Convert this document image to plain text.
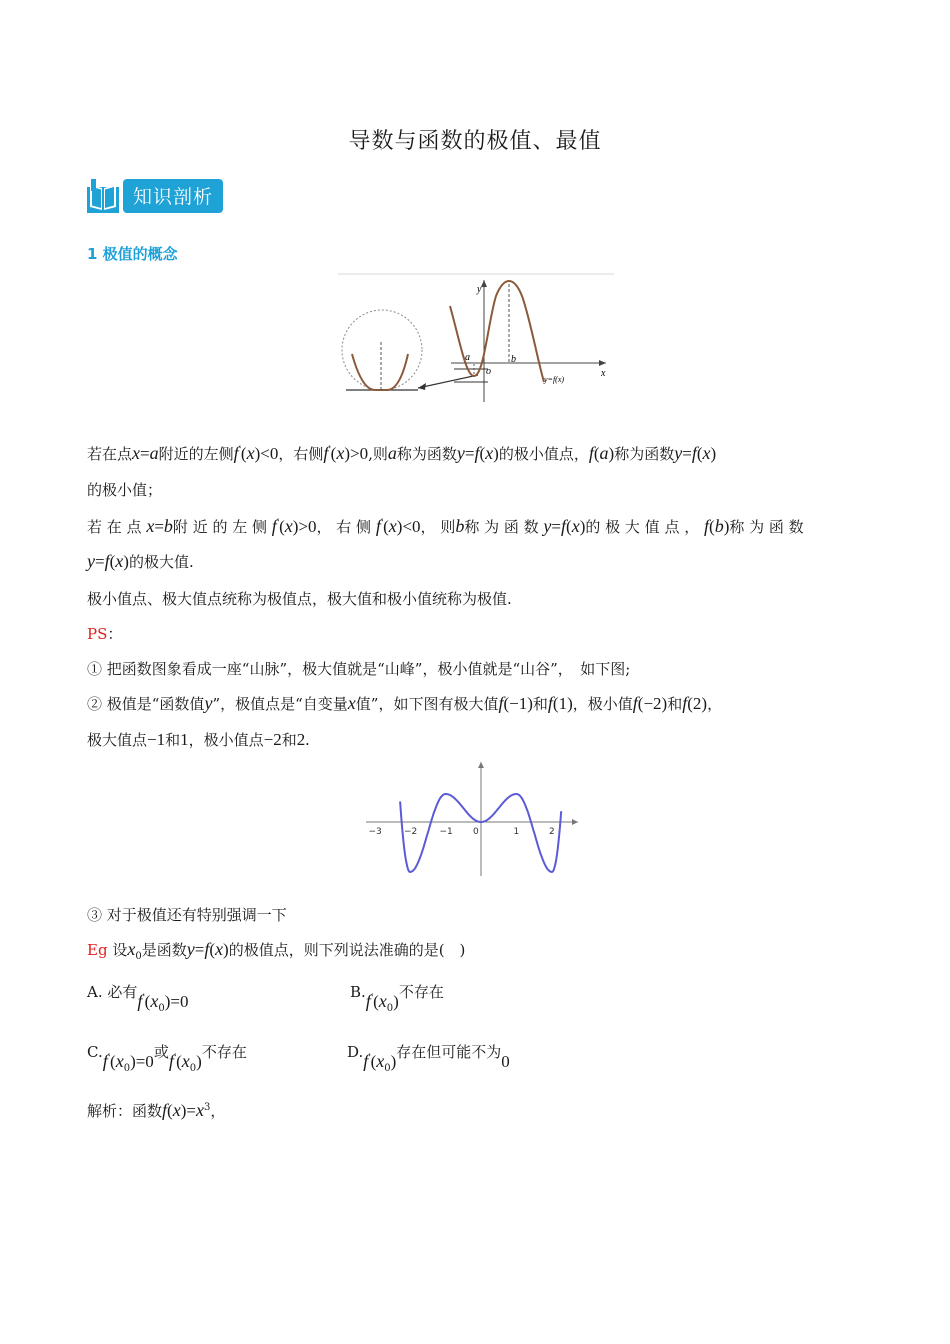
导数与函数的极值、最值
知识剖析
1 极值的概念
y
x
a
o
b
y=f(x)
若在点x=a附近的左侧f′(x)<0，右侧f′(x)>0,则a称为函数y=f(x)的极小值点，f(a)称为函数y=f(x)
的极小值；
若 在 点 x=b附 近 的 左 侧 f′(x)>0， 右 侧 f′(x)<0， 则b称 为 函 数 y=f(x)的 极 大 值 点 ， f(b)称 为 函 数
y=f(x)的极大值.
极小值点、极大值点统称为极值点，极大值和极小值统称为极值.
PS：
① 把函数图象看成一座“山脉”，极大值就是“山峰”，极小值就是“山谷”，　如下图;
② 极值是“函数值y”，极值点是“自变量x值”，如下图有极大值f(−1)和f(1)，极小值f(−2)和f(2)，
极大值点−1和1，极小值点−2和2.
−3 −2 −1 0	1	2
③ 对于极值还有特别强调一下
Eg 设$x_0$是函数y=f(x)的极值点，则下列说法准确的是(　)
A. 必有$f'(x_0)=0$	$B.f'(x_0)$不存在
$C.f'(x_0)=0$或$f'(x_0)$不存在	$D.f'(x_0)$存在但可能不为0
解析：函数$f(x)=x^3$，
